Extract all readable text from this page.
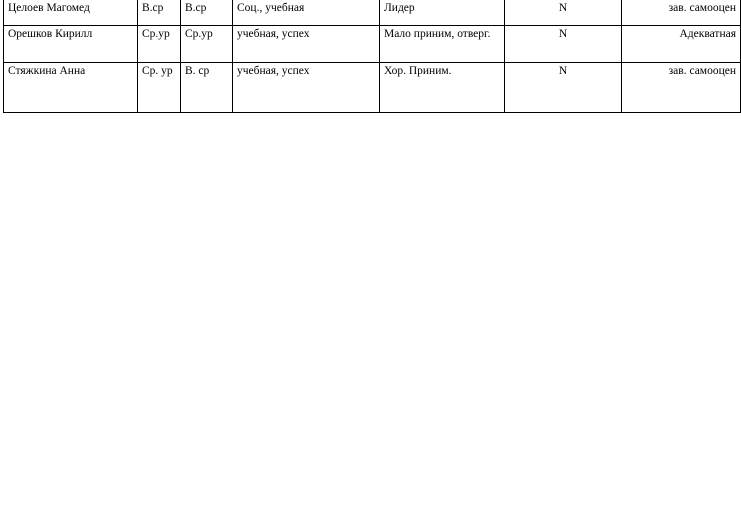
Целоев Магомед	В.ср	В.ср	Соц., учебная	Лидер	N	зав. самооцен
Орешков Кирилл	Ср.ур	Ср.ур	учебная, успех	Мало приним, отверг.	N	Адекватная
Стяжкина Анна	Ср. ур	В. ср	учебная, успех	Хор. Приним.	N	зав. самооцен
